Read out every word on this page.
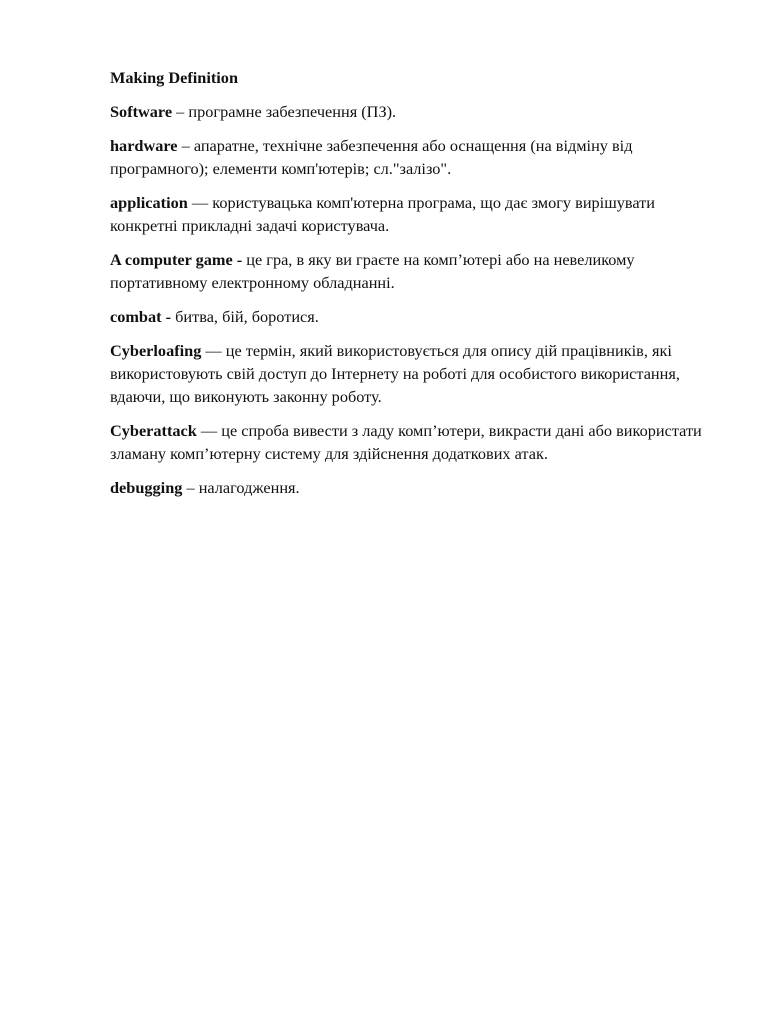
Making Definition

Software – програмне забезпечення (ПЗ).

hardware – апаратне, технічне забезпечення або оснащення (на відміну від програмного); елементи комп'ютерів; сл."залізо".

application — користувацька комп'ютерна програма, що дає змогу вирішувати конкретні прикладні задачі користувача.

A computer game - це гра, в яку ви граєте на комп’ютері або на невеликому портативному електронному обладнанні.

combat - битва, бій, боротися.

Cyberloafing — це термін, який використовується для опису дій працівників, які використовують свій доступ до Інтернету на роботі для особистого використання, вдаючи, що виконують законну роботу.

Cyberattack — це спроба вивести з ладу комп’ютери, викрасти дані або використати зламану комп’ютерну систему для здійснення додаткових атак.

debugging – налагодження.
